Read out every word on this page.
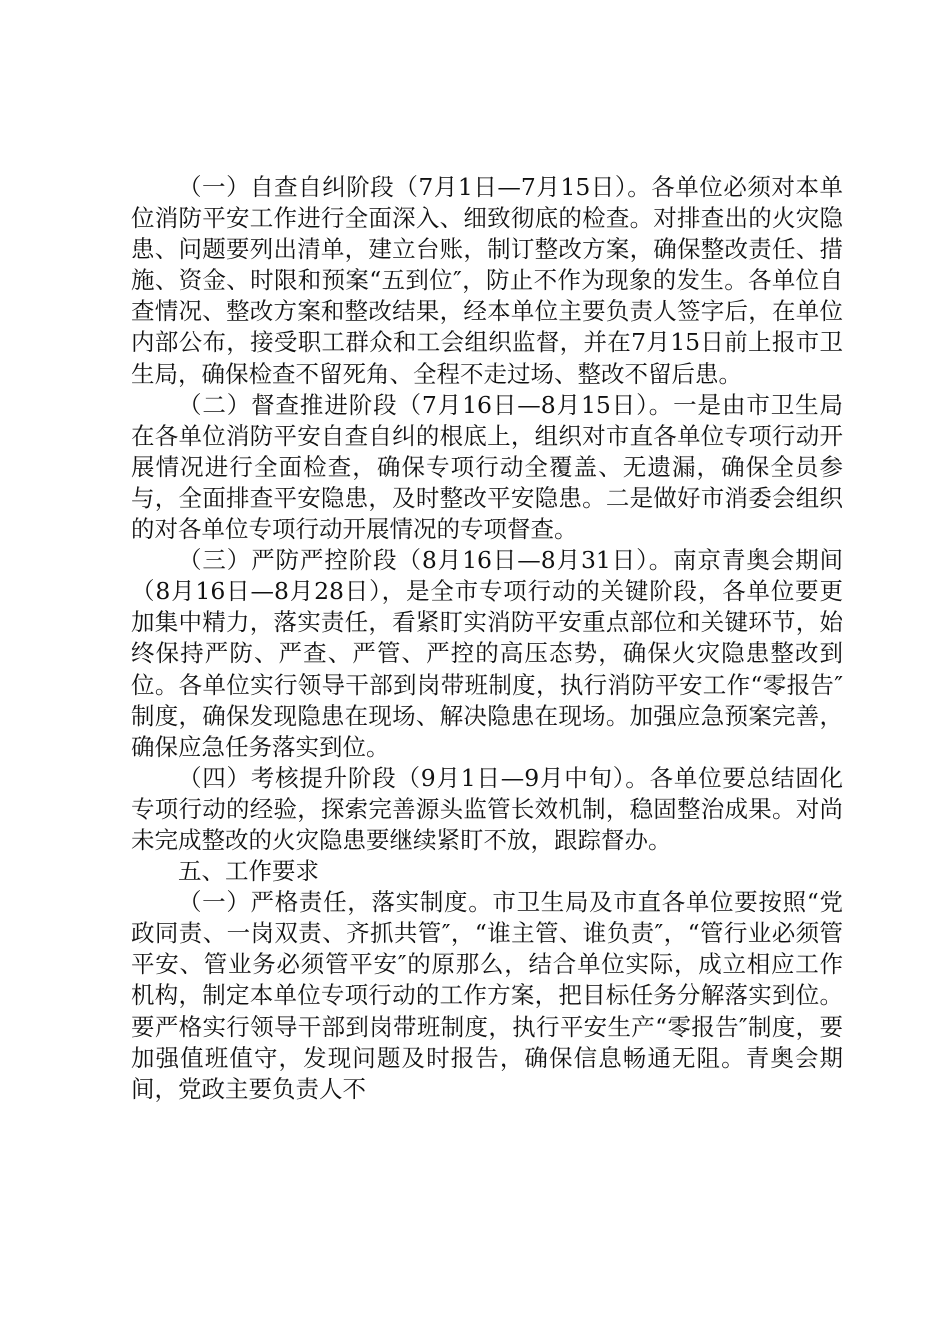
（一）自查自纠阶段（7月1日—7月15日）。各单位必须对本单位消防平安工作进行全面深入、细致彻底的检查。对排查出的火灾隐患、问题要列出清单，建立台账，制订整改方案，确保整改责任、措施、资金、时限和预案“五到位″，防止不作为现象的发生。各单位自查情况、整改方案和整改结果，经本单位主要负责人签字后，在单位内部公布，接受职工群众和工会组织监督，并在7月15日前上报市卫生局，确保检查不留死角、全程不走过场、整改不留后患。

（二）督查推进阶段（7月16日—8月15日）。一是由市卫生局在各单位消防平安自查自纠的根底上，组织对市直各单位专项行动开展情况进行全面检查，确保专项行动全覆盖、无遗漏，确保全员参与，全面排查平安隐患，及时整改平安隐患。二是做好市消委会组织的对各单位专项行动开展情况的专项督查。

（三）严防严控阶段（8月16日—8月31日）。南京青奥会期间（8月16日—8月28日），是全市专项行动的关键阶段，各单位要更加集中精力，落实责任，看紧盯实消防平安重点部位和关键环节，始终保持严防、严查、严管、严控的高压态势，确保火灾隐患整改到位。各单位实行领导干部到岗带班制度，执行消防平安工作“零报告″制度，确保发现隐患在现场、解决隐患在现场。加强应急预案完善，确保应急任务落实到位。

（四）考核提升阶段（9月1日—9月中旬）。各单位要总结固化专项行动的经验，探索完善源头监管长效机制，稳固整治成果。对尚未完成整改的火灾隐患要继续紧盯不放，跟踪督办。

五、工作要求

（一）严格责任，落实制度。市卫生局及市直各单位要按照“党政同责、一岗双责、齐抓共管″，“谁主管、谁负责″，“管行业必须管平安、管业务必须管平安″的原那么，结合单位实际，成立相应工作机构，制定本单位专项行动的工作方案，把目标任务分解落实到位。要严格实行领导干部到岗带班制度，执行平安生产“零报告″制度，要加强值班值守，发现问题及时报告，确保信息畅通无阻。青奥会期间，党政主要负责人不
